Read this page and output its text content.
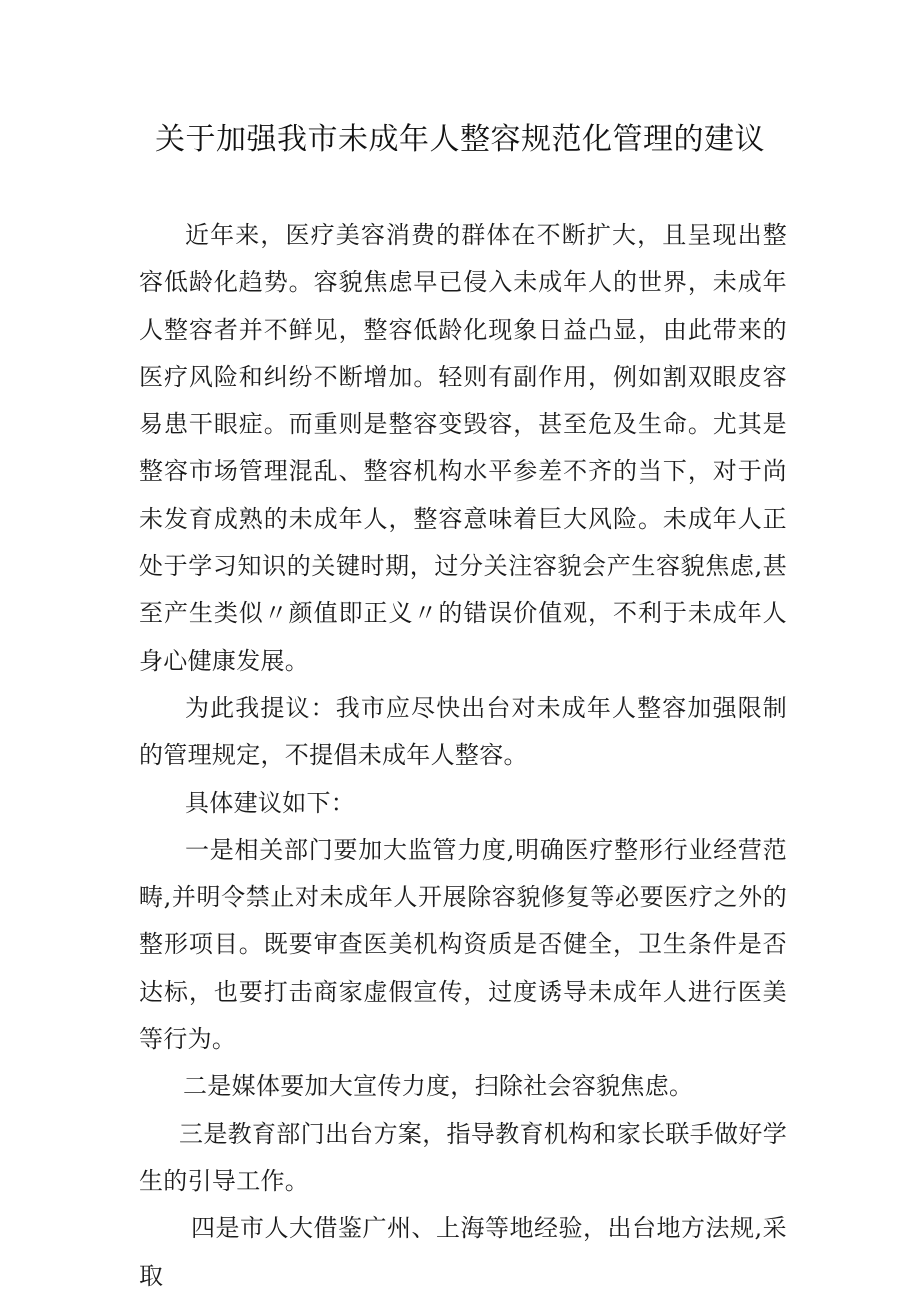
关于加强我市未成年人整容规范化管理的建议

近年来，医疗美容消费的群体在不断扩大，且呈现出整容低龄化趋势。容貌焦虑早已侵入未成年人的世界，未成年人整容者并不鲜见，整容低龄化现象日益凸显，由此带来的医疗风险和纠纷不断增加。轻则有副作用，例如割双眼皮容易患干眼症。而重则是整容变毁容，甚至危及生命。尤其是整容市场管理混乱、整容机构水平参差不齐的当下，对于尚未发育成熟的未成年人，整容意味着巨大风险。未成年人正处于学习知识的关键时期，过分关注容貌会产生容貌焦虑,甚至产生类似〃颜值即正义〃的错误价值观，不利于未成年人身心健康发展。

为此我提议：我市应尽快出台对未成年人整容加强限制的管理规定，不提倡未成年人整容。

具体建议如下：

一是相关部门要加大监管力度,明确医疗整形行业经营范畴,并明令禁止对未成年人开展除容貌修复等必要医疗之外的整形项目。既要审查医美机构资质是否健全，卫生条件是否达标，也要打击商家虚假宣传，过度诱导未成年人进行医美等行为。

二是媒体要加大宣传力度，扫除社会容貌焦虑。

三是教育部门出台方案，指导教育机构和家长联手做好学生的引导工作。

四是市人大借鉴广州、上海等地经验，出台地方法规,采取
